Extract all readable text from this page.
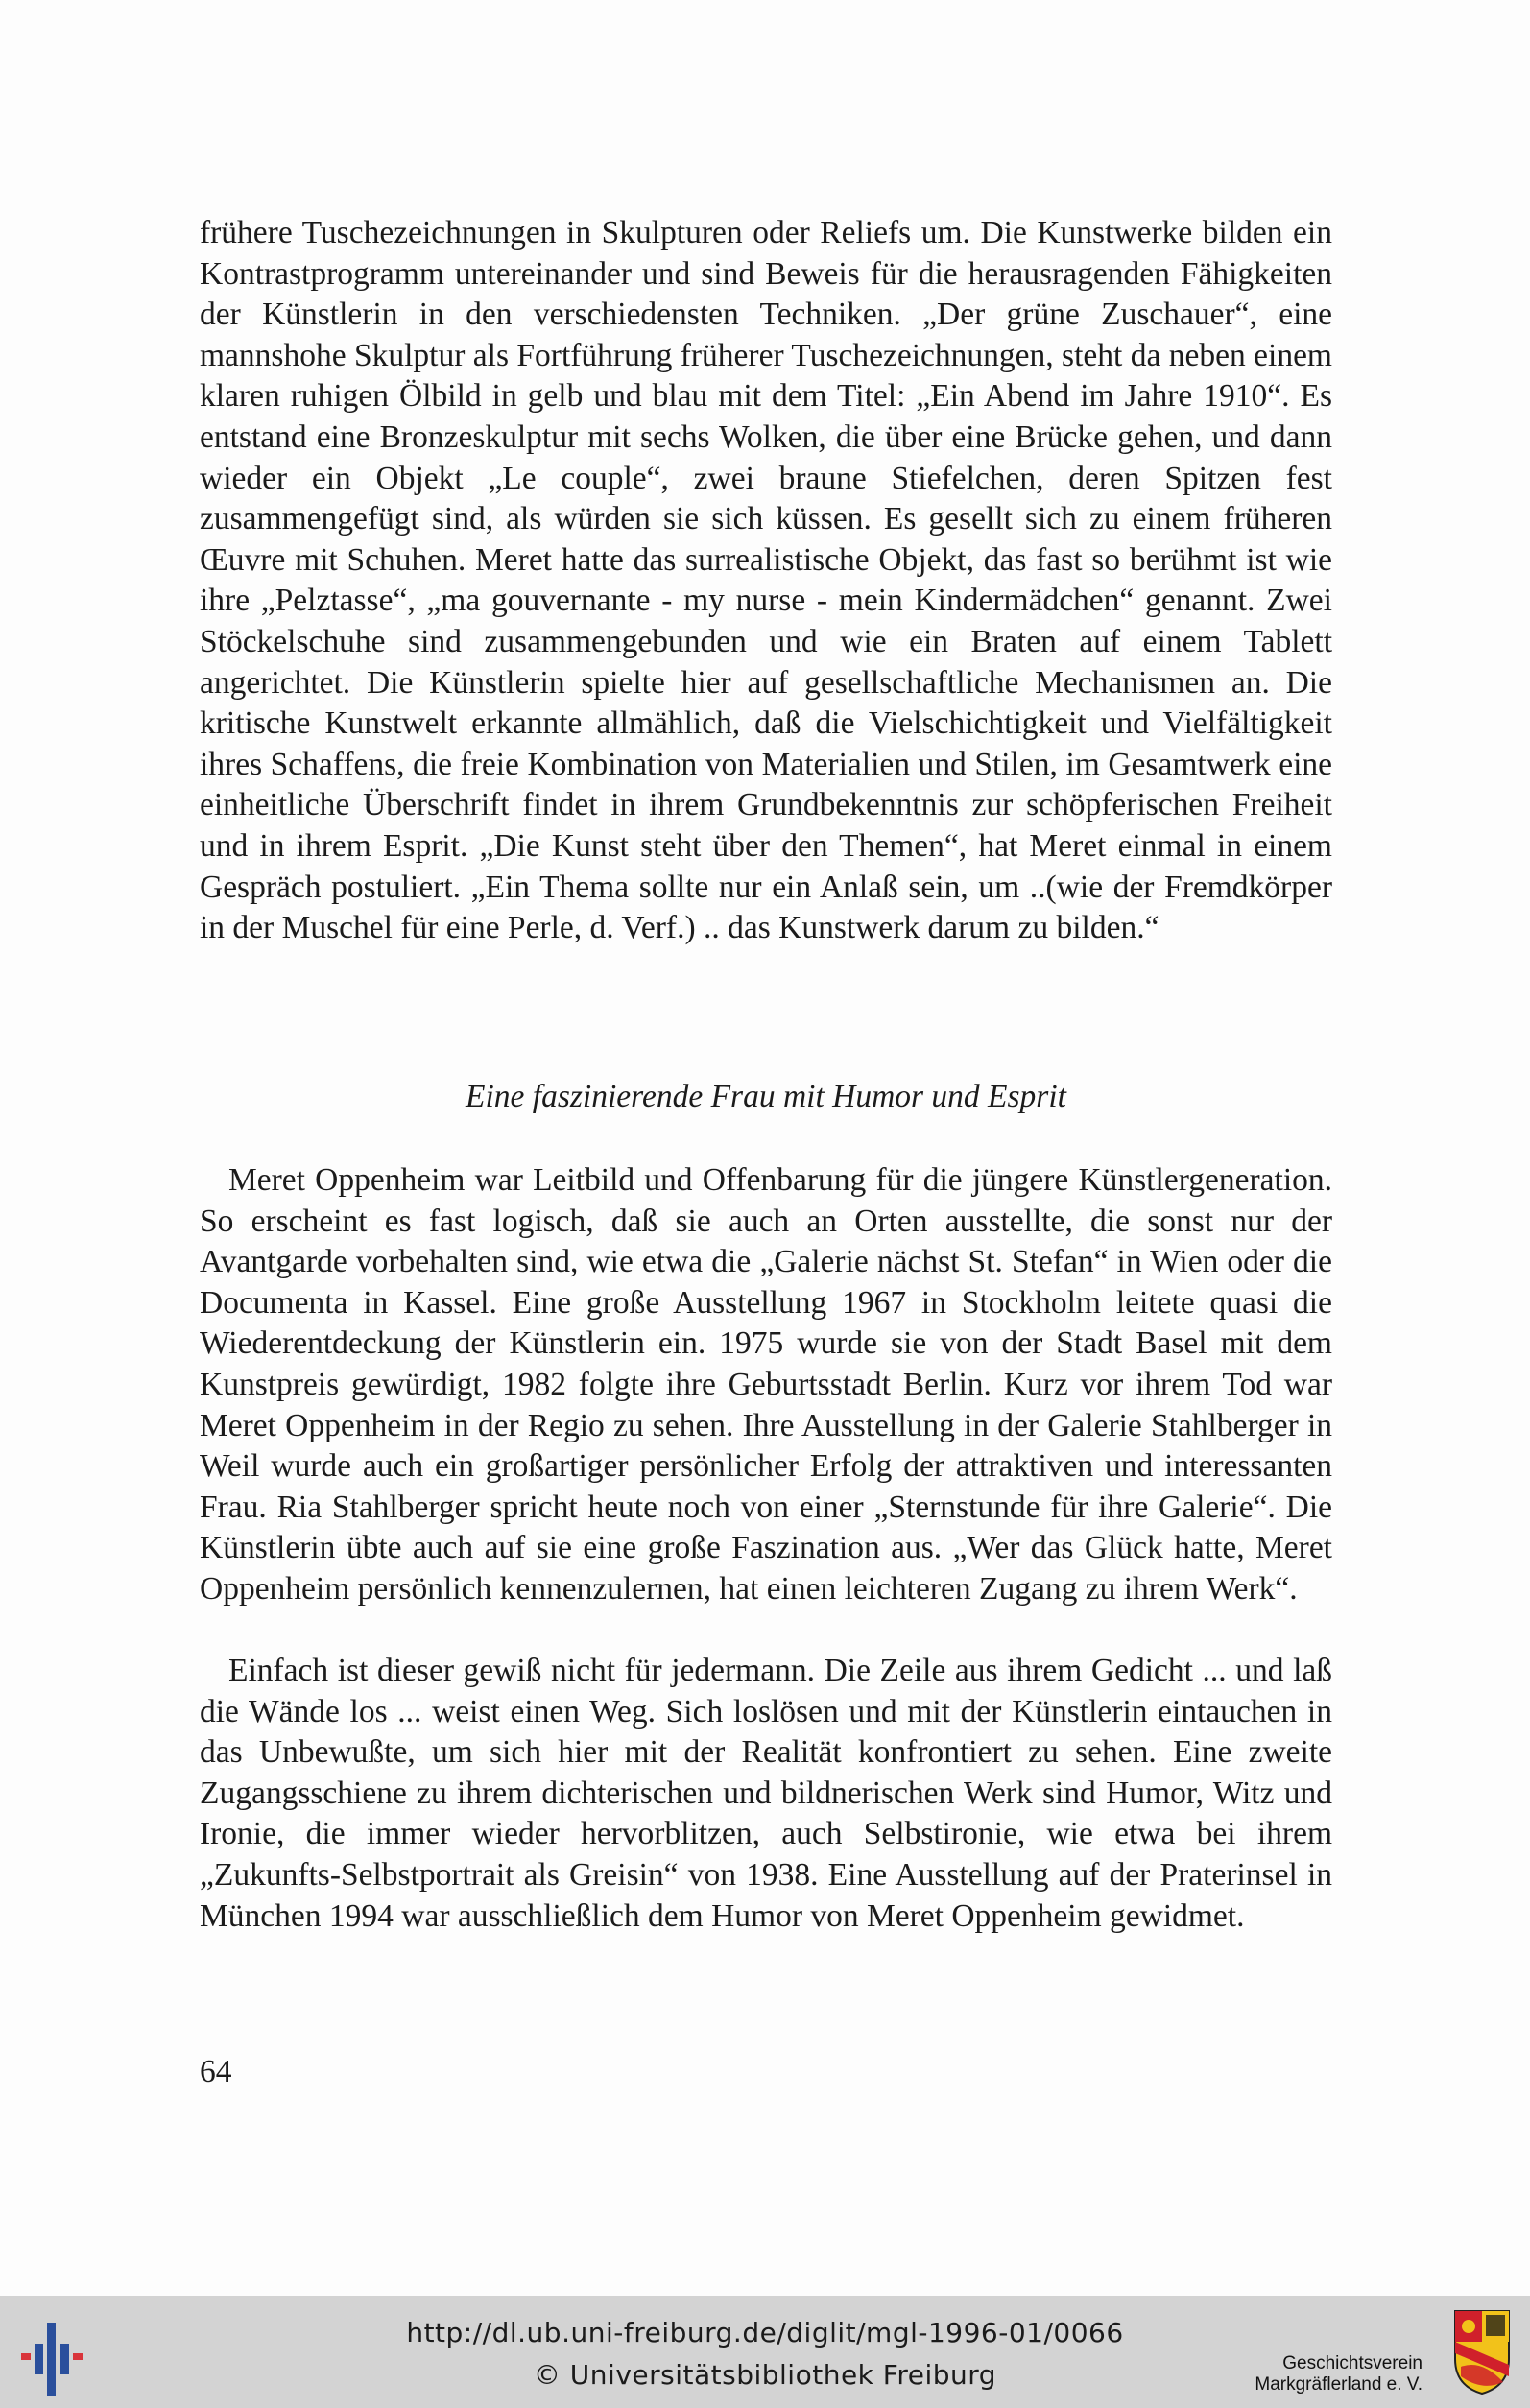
frühere Tuschezeichnungen in Skulpturen oder Reliefs um. Die Kunstwerke bilden ein Kontrastprogramm untereinander und sind Beweis für die herausragenden Fähigkeiten der Künstlerin in den verschiedensten Techniken. „Der grüne Zuschauer“, eine mannshohe Skulptur als Fortführung früherer Tuschezeichnungen, steht da neben einem klaren ruhigen Ölbild in gelb und blau mit dem Titel: „Ein Abend im Jahre 1910“. Es entstand eine Bronzeskulptur mit sechs Wolken, die über eine Brücke gehen, und dann wieder ein Objekt „Le couple“, zwei braune Stiefelchen, deren Spitzen fest zusammengefügt sind, als würden sie sich küssen. Es gesellt sich zu einem früheren Œuvre mit Schuhen. Meret hatte das surrealistische Objekt, das fast so berühmt ist wie ihre „Pelztasse“, „ma gouvernante - my nurse - mein Kindermädchen“ genannt. Zwei Stöckelschuhe sind zusammengebunden und wie ein Braten auf einem Tablett angerichtet. Die Künstlerin spielte hier auf gesellschaftliche Mechanismen an. Die kritische Kunstwelt erkannte allmählich, daß die Vielschichtigkeit und Vielfältigkeit ihres Schaffens, die freie Kombination von Materialien und Stilen, im Gesamtwerk eine einheitliche Überschrift findet in ihrem Grundbekenntnis zur schöpferischen Freiheit und in ihrem Esprit. „Die Kunst steht über den Themen“, hat Meret einmal in einem Gespräch postuliert. „Ein Thema sollte nur ein Anlaß sein, um ..(wie der Fremdkörper in der Muschel für eine Perle, d. Verf.) .. das Kunstwerk darum zu bilden.“

Eine faszinierende Frau mit Humor und Esprit

Meret Oppenheim war Leitbild und Offenbarung für die jüngere Künstlergeneration. So erscheint es fast logisch, daß sie auch an Orten ausstellte, die sonst nur der Avantgarde vorbehalten sind, wie etwa die „Galerie nächst St. Stefan“ in Wien oder die Documenta in Kassel. Eine große Ausstellung 1967 in Stockholm leitete quasi die Wiederentdeckung der Künstlerin ein. 1975 wurde sie von der Stadt Basel mit dem Kunstpreis gewürdigt, 1982 folgte ihre Geburtsstadt Berlin. Kurz vor ihrem Tod war Meret Oppenheim in der Regio zu sehen. Ihre Ausstellung in der Galerie Stahlberger in Weil wurde auch ein großartiger persönlicher Erfolg der attraktiven und interessanten Frau. Ria Stahlberger spricht heute noch von einer „Sternstunde für ihre Galerie“. Die Künstlerin übte auch auf sie eine große Faszination aus. „Wer das Glück hatte, Meret Oppenheim persönlich kennenzulernen, hat einen leichteren Zugang zu ihrem Werk“.

Einfach ist dieser gewiß nicht für jedermann. Die Zeile aus ihrem Gedicht ... und laß die Wände los ... weist einen Weg. Sich loslösen und mit der Künstlerin eintauchen in das Unbewußte, um sich hier mit der Realität konfrontiert zu sehen. Eine zweite Zugangsschiene zu ihrem dichterischen und bildnerischen Werk sind Humor, Witz und Ironie, die immer wieder hervorblitzen, auch Selbstironie, wie etwa bei ihrem „Zukunfts-Selbstportrait als Greisin“ von 1938. Eine Ausstellung auf der Praterinsel in München 1994 war ausschließlich dem Humor von Meret Oppenheim gewidmet.

64
http://dl.ub.uni-freiburg.de/diglit/mgl-1996-01/0066
© Universitätsbibliothek Freiburg	Geschichtsverein
Markgräflerland e. V.
